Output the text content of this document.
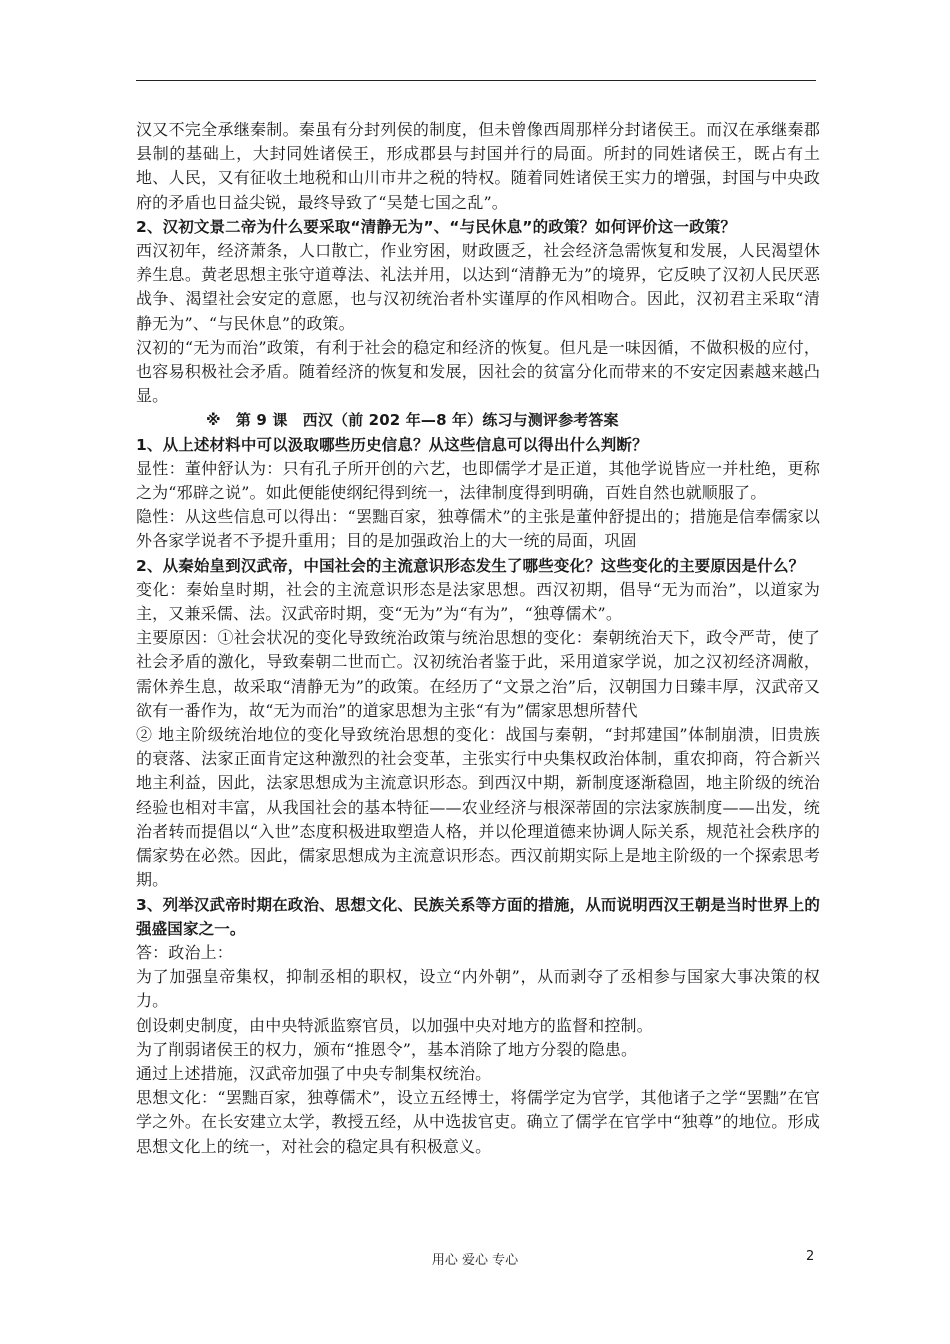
汉又不完全承继秦制。秦虽有分封列侯的制度，但未曾像西周那样分封诸侯王。而汉在承继秦郡县制的基础上，大封同姓诸侯王，形成郡县与封国并行的局面。所封的同姓诸侯王，既占有土地、人民，又有征收土地税和山川市井之税的特权。随着同姓诸侯王实力的增强，封国与中央政府的矛盾也日益尖锐，最终导致了“吴楚七国之乱”。

2、汉初文景二帝为什么要采取“清静无为”、“与民休息”的政策？如何评价这一政策？

西汉初年，经济萧条，人口散亡，作业穷困，财政匮乏，社会经济急需恢复和发展，人民渴望休养生息。黄老思想主张守道尊法、礼法并用，以达到“清静无为”的境界，它反映了汉初人民厌恶战争、渴望社会安定的意愿，也与汉初统治者朴实谨厚的作风相吻合。因此，汉初君主采取“清静无为”、“与民休息”的政策。

汉初的“无为而治”政策，有利于社会的稳定和经济的恢复。但凡是一味因循，不做积极的应付，也容易积极社会矛盾。随着经济的恢复和发展，因社会的贫富分化而带来的不安定因素越来越凸显。

※　第 9 课　西汉（前 202 年—8 年）练习与测评参考答案

1、从上述材料中可以汲取哪些历史信息？从这些信息可以得出什么判断？

显性：董仲舒认为：只有孔子所开创的六艺，也即儒学才是正道，其他学说皆应一并杜绝，更称之为“邪辟之说”。如此便能使纲纪得到统一，法律制度得到明确，百姓自然也就顺服了。

隐性：从这些信息可以得出：“罢黜百家，独尊儒术”的主张是董仲舒提出的；措施是信奉儒家以外各家学说者不予提升重用；目的是加强政治上的大一统的局面，巩固

2、从秦始皇到汉武帝，中国社会的主流意识形态发生了哪些变化？这些变化的主要原因是什么？

变化：秦始皇时期，社会的主流意识形态是法家思想。西汉初期，倡导“无为而治”，以道家为主，又兼采儒、法。汉武帝时期，变“无为”为“有为”，“独尊儒术”。

主要原因：①社会状况的变化导致统治政策与统治思想的变化：秦朝统治天下，政令严苛，使了社会矛盾的激化，导致秦朝二世而亡。汉初统治者鉴于此，采用道家学说，加之汉初经济凋敝，需休养生息，故采取“清静无为”的政策。在经历了“文景之治”后，汉朝国力日臻丰厚，汉武帝又欲有一番作为，故“无为而治”的道家思想为主张“有为”儒家思想所替代

② 地主阶级统治地位的变化导致统治思想的变化：战国与秦朝，“封邦建国”体制崩溃，旧贵族的衰落、法家正面肯定这种激烈的社会变革，主张实行中央集权政治体制，重农抑商，符合新兴地主利益，因此，法家思想成为主流意识形态。到西汉中期，新制度逐渐稳固，地主阶级的统治经验也相对丰富，从我国社会的基本特征——农业经济与根深蒂固的宗法家族制度——出发，统治者转而提倡以“入世”态度积极进取塑造人格，并以伦理道德来协调人际关系，规范社会秩序的儒家势在必然。因此，儒家思想成为主流意识形态。西汉前期实际上是地主阶级的一个探索思考期。

3、列举汉武帝时期在政治、思想文化、民族关系等方面的措施，从而说明西汉王朝是当时世界上的强盛国家之一。

答：政治上：

为了加强皇帝集权，抑制丞相的职权，设立“内外朝”，从而剥夺了丞相参与国家大事决策的权力。

创设刺史制度，由中央特派监察官员，以加强中央对地方的监督和控制。

为了削弱诸侯王的权力，颁布“推恩令”，基本消除了地方分裂的隐患。

通过上述措施，汉武帝加强了中央专制集权统治。

思想文化：“罢黜百家，独尊儒术”，设立五经博士，将儒学定为官学，其他诸子之学“罢黜”在官学之外。在长安建立太学，教授五经，从中选拔官吏。确立了儒学在官学中“独尊”的地位。形成思想文化上的统一，对社会的稳定具有积极意义。

用心 爱心 专心	2
